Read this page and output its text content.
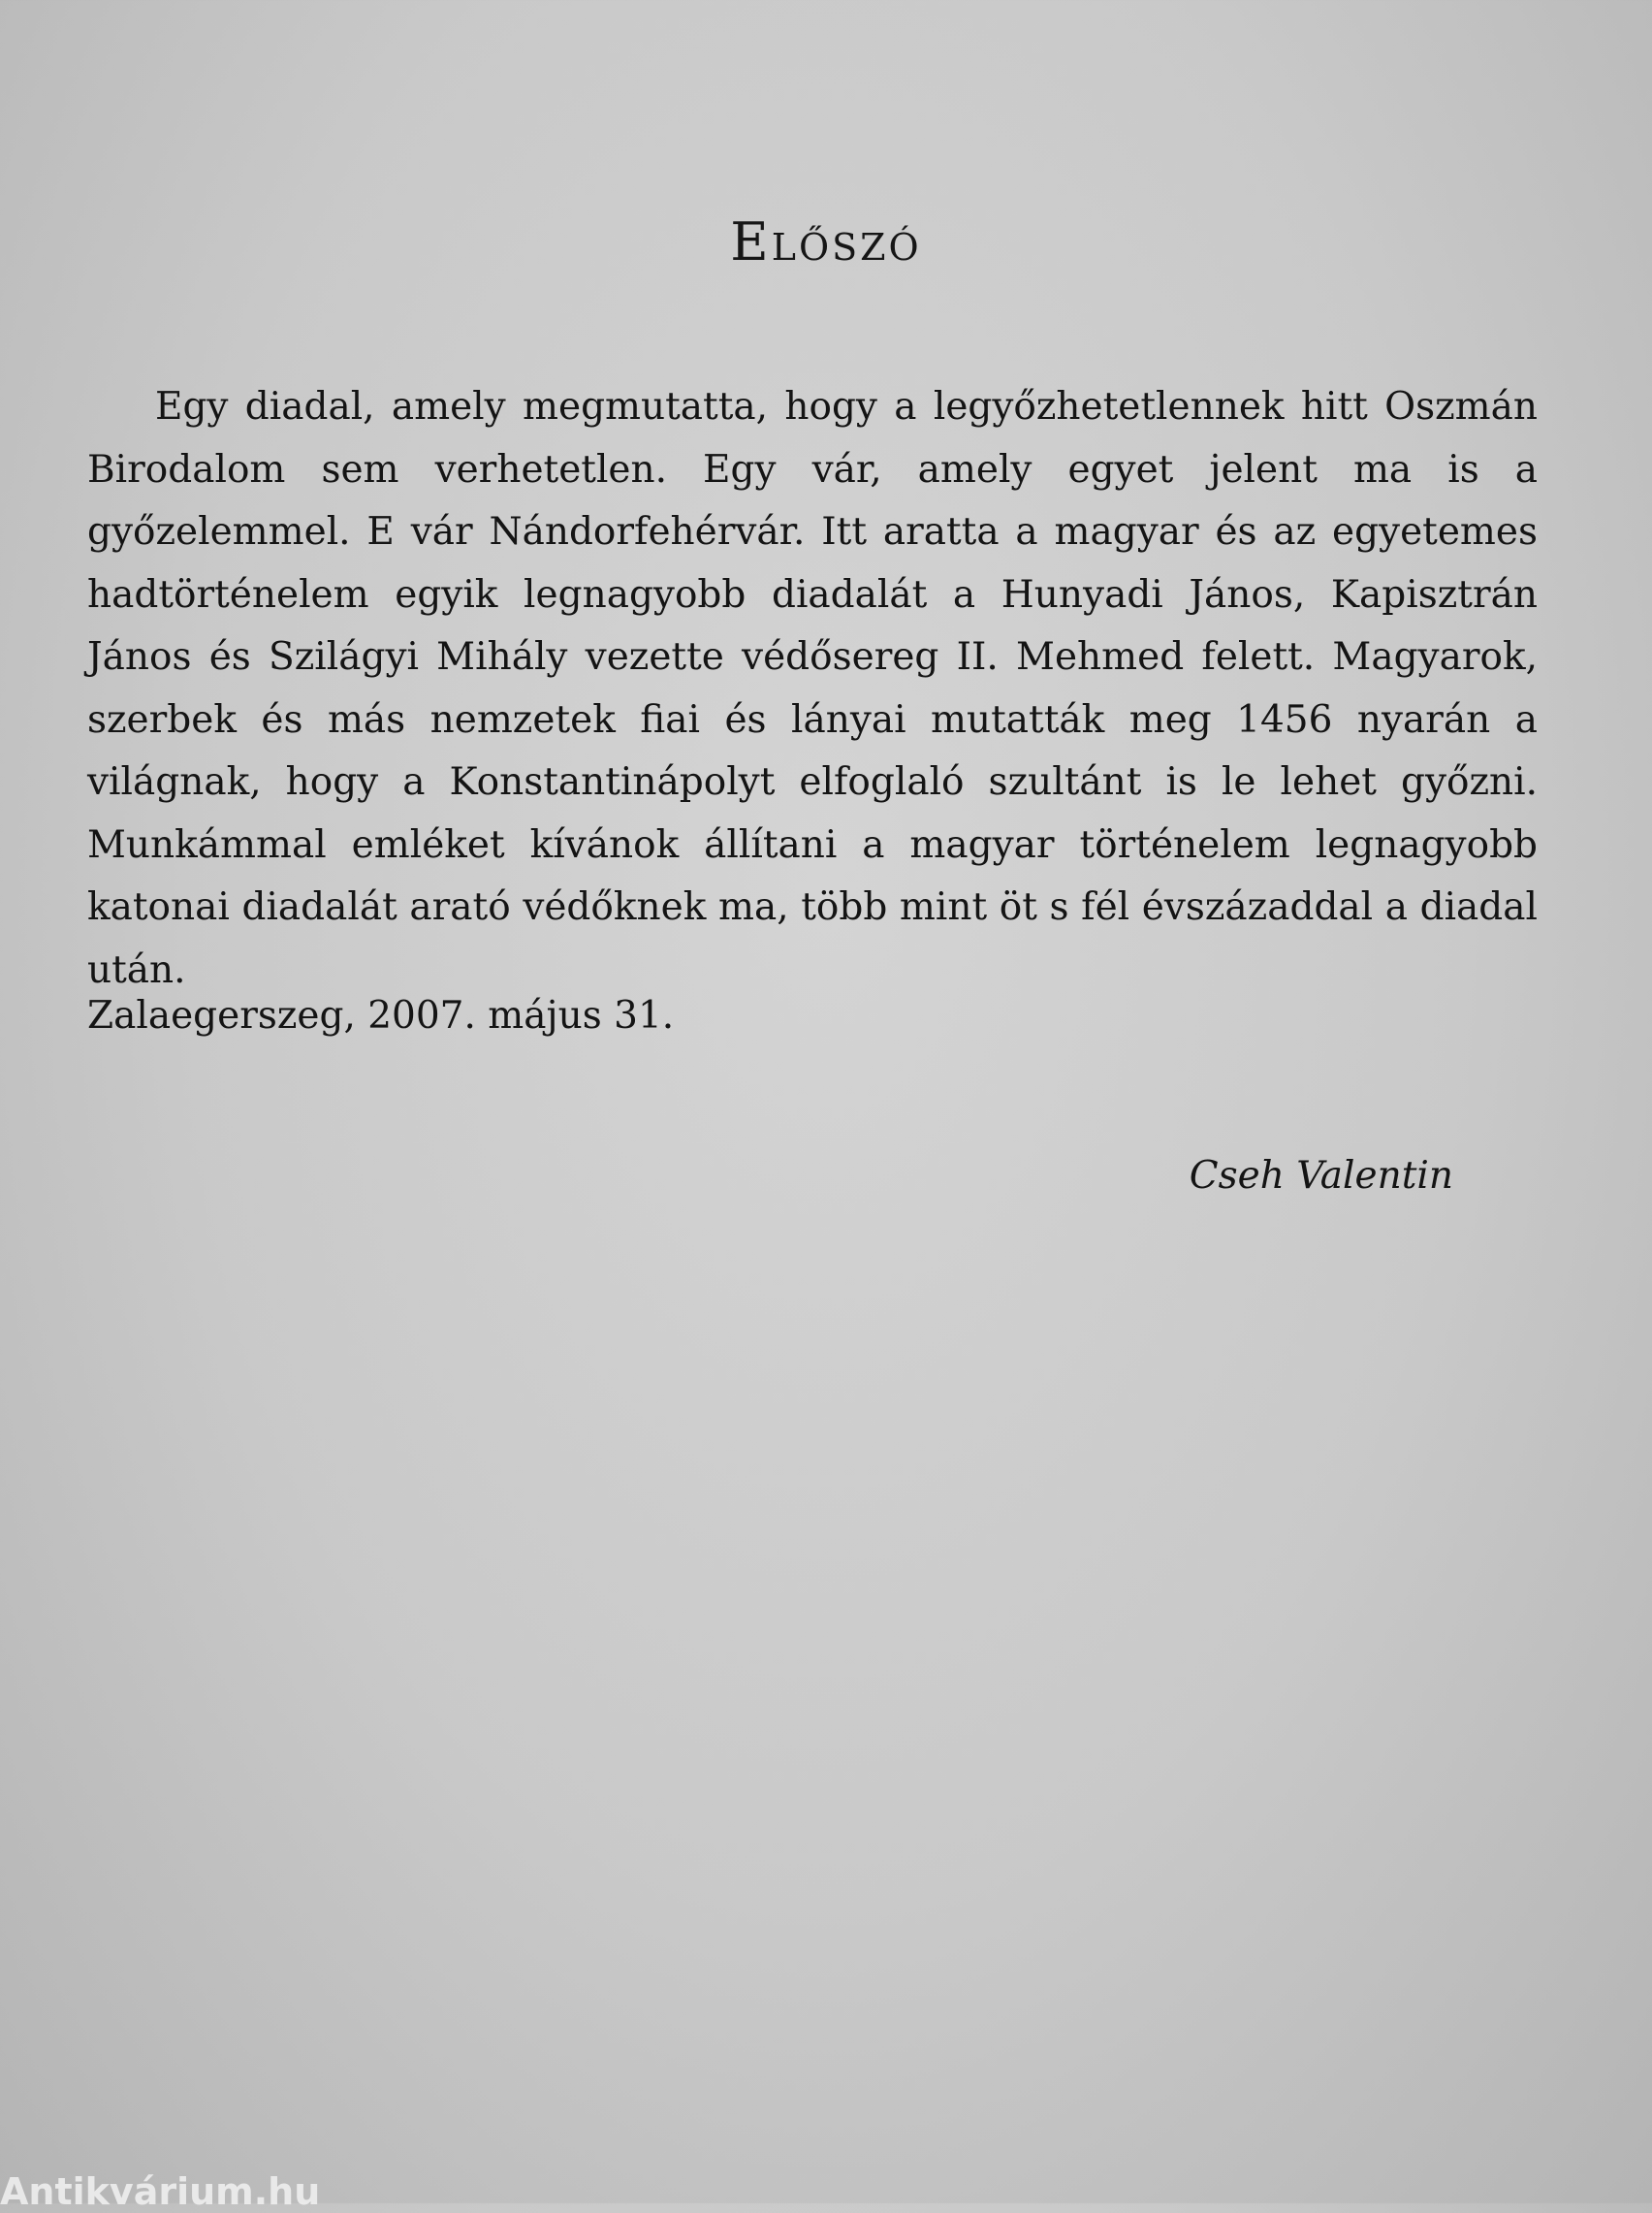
Előszó

Egy diadal, amely megmutatta, hogy a legyőzhetetlennek hitt Oszmán Birodalom sem verhetetlen. Egy vár, amely egyet jelent ma is a győzelemmel. E vár Nándorfehérvár. Itt aratta a magyar és az egyetemes hadtörténelem egyik legnagyobb diadalát a Hunyadi János, Kapisztrán János és Szilágyi Mihály vezette védősereg II. Mehmed felett. Magyarok, szerbek és más nemzetek fiai és lányai mutatták meg 1456 nyarán a világnak, hogy a Konstantinápolyt elfoglaló szultánt is le lehet győzni. Munkámmal emléket kívánok állítani a magyar történelem legnagyobb katonai diadalát arató védőknek ma, több mint öt s fél évszázaddal a diadal után.

Zalaegerszeg, 2007. május 31.

Cseh Valentin

Antikvárium.hu
